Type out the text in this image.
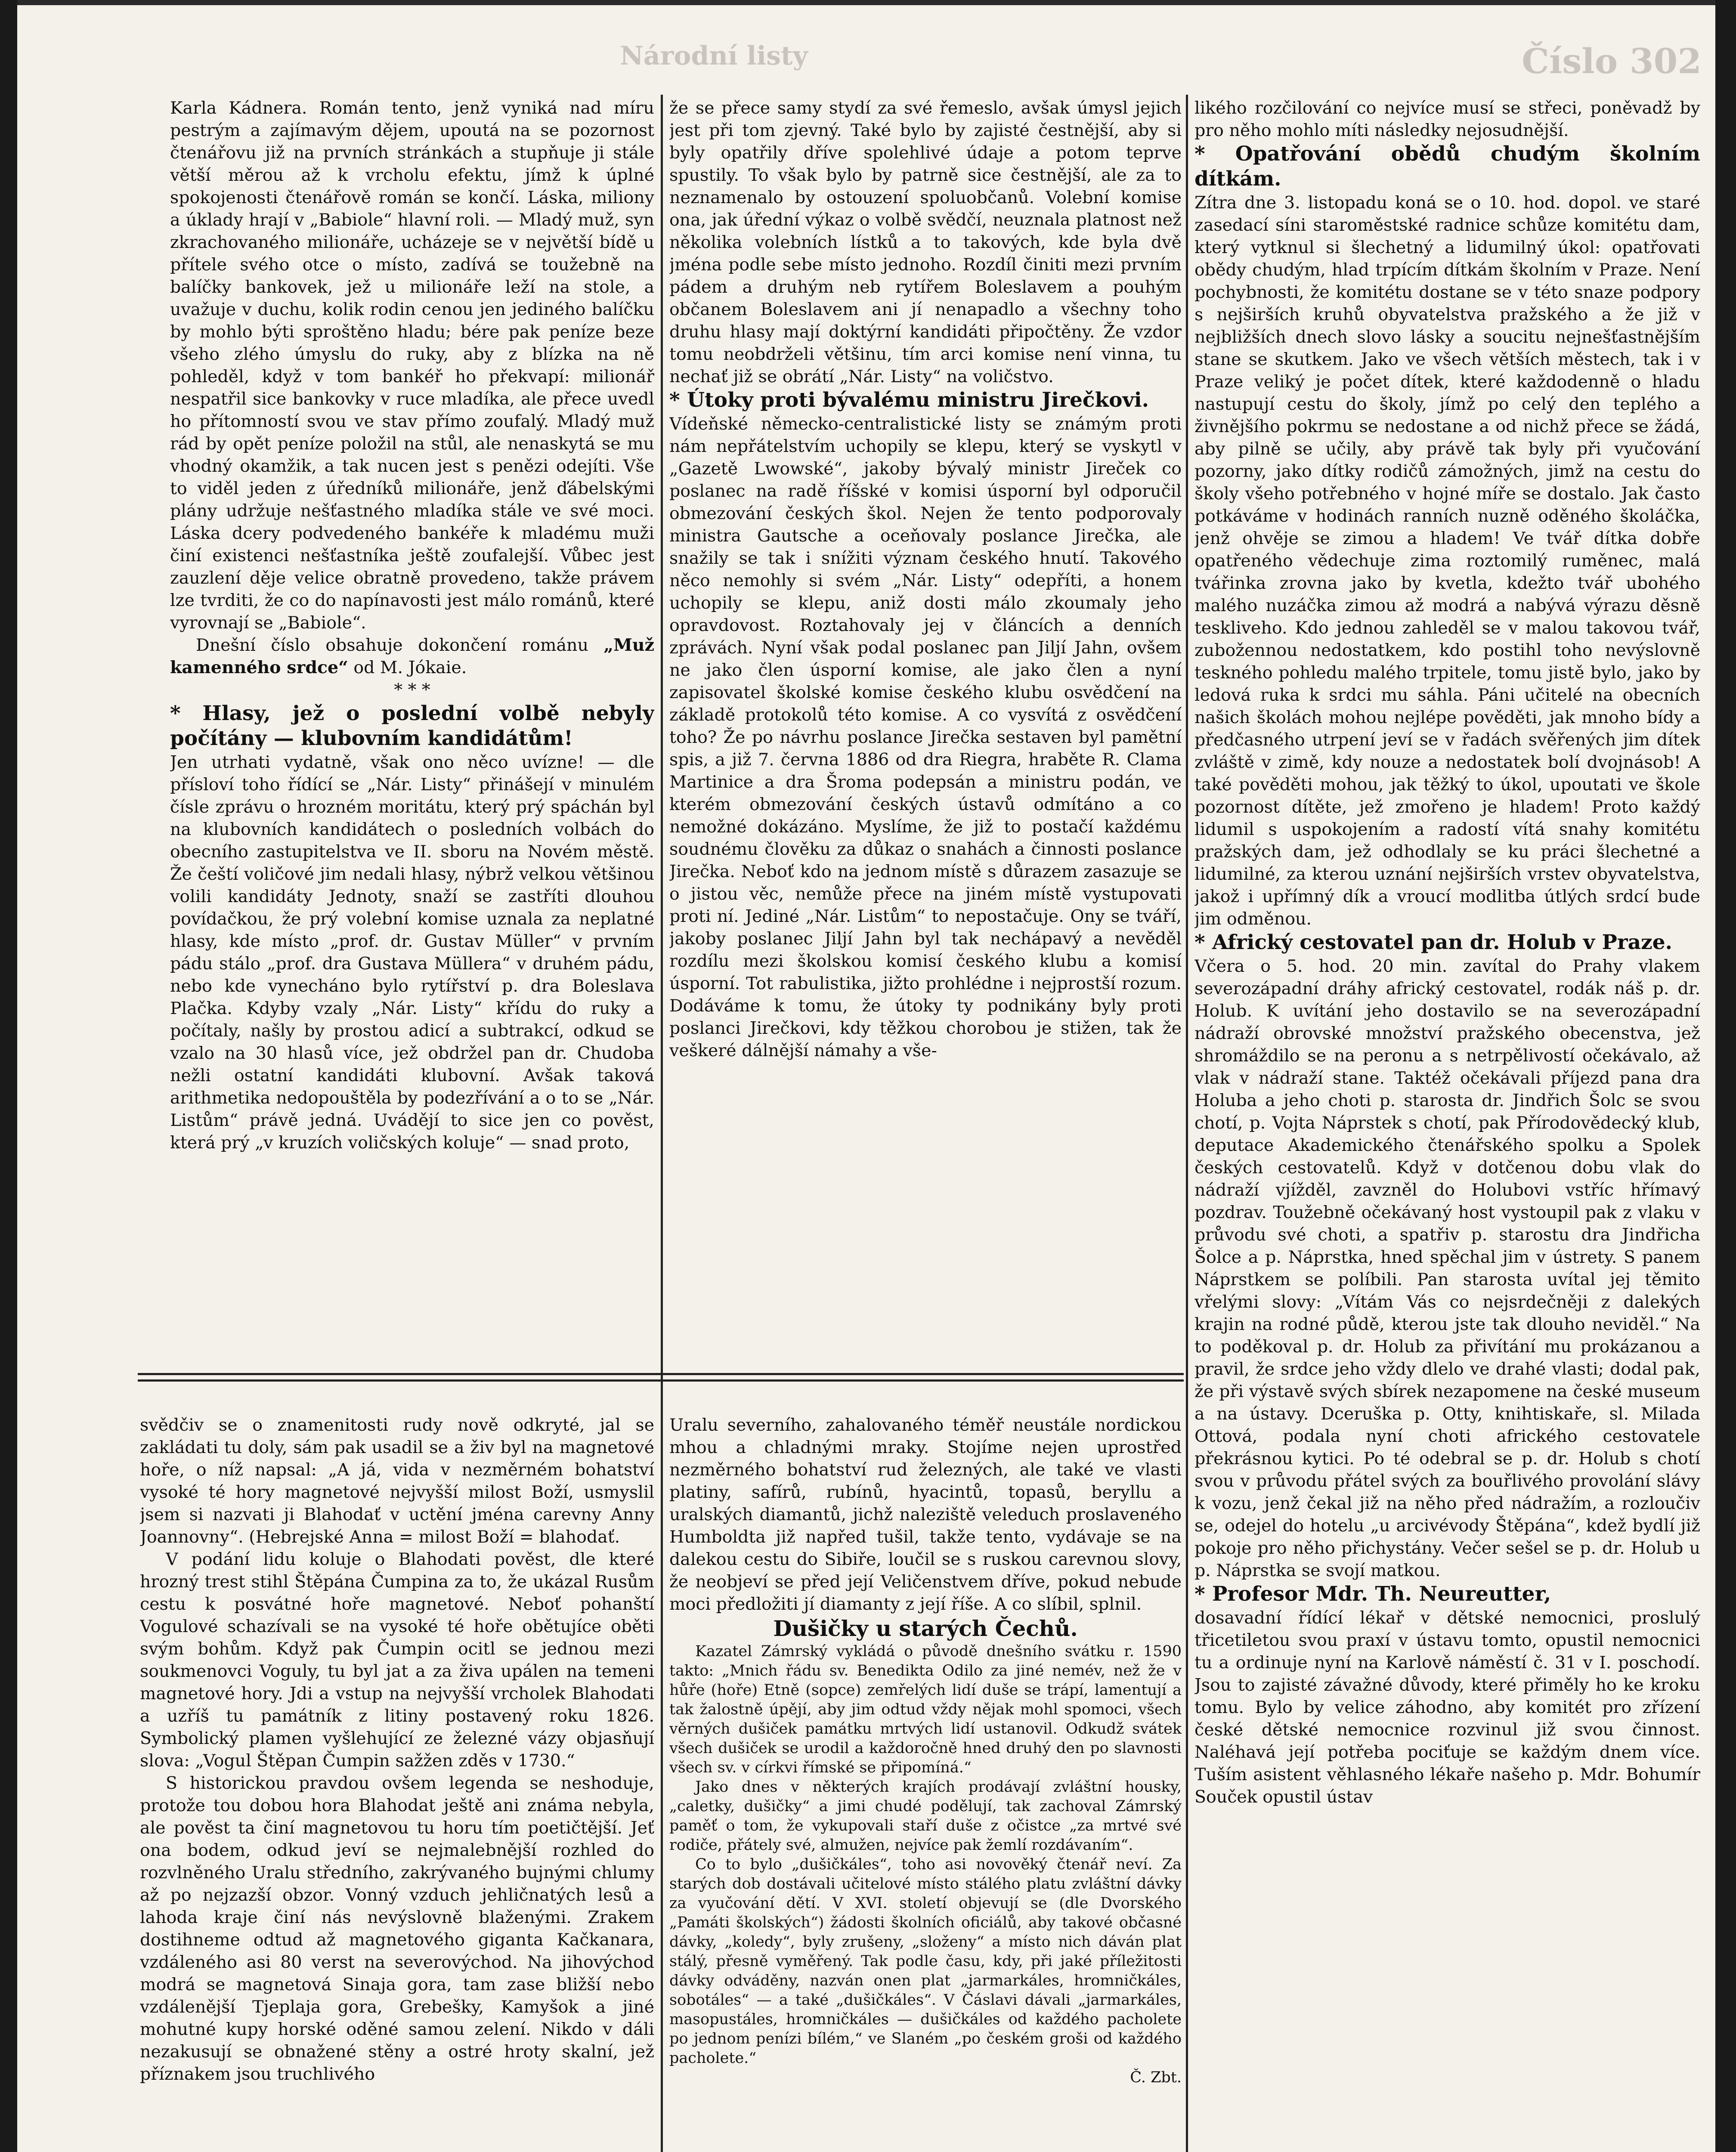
Číslo 302
Národní listy

Karla Kádnera. Román tento, jenž vyniká nad míru pestrým a zajímavým dějem, upoutá na se pozornost čtenářovu již na prvních stránkách a stupňuje ji stále větší měrou až k vrcholu efektu, jímž k úplné spokojenosti čtenářově román se končí. Láska, miliony a úklady hrají v „Babiole“ hlavní roli. — Mladý muž, syn zkrachovaného milionáře, ucházeje se v největší bídě u přítele svého otce o místo, zadívá se toužebně na balíčky bankovek, jež u milionáře leží na stole, a uvažuje v duchu, kolik rodin cenou jen jediného balíčku by mohlo býti sproštěno hladu; bére pak peníze beze všeho zlého úmyslu do ruky, aby z blízka na ně pohleděl, když v tom bankéř ho překvapí: milionář nespatřil sice bankovky v ruce mladíka, ale přece uvedl ho přítomností svou ve stav přímo zoufalý. Mladý muž rád by opět peníze položil na stůl, ale nenaskytá se mu vhodný okamžik, a tak nucen jest s penězi odejíti. Vše to viděl jeden z úředníků milionáře, jenž ďábelskými plány udržuje nešťastného mladíka stále ve své moci. Láska dcery podvedeného bankéře k mladému muži činí existenci nešťastníka ještě zoufalejší. Vůbec jest zauzlení děje velice obratně provedeno, takže právem lze tvrditi, že co do napínavosti jest málo románů, které vyrovnají se „Babiole“.

Dnešní číslo obsahuje dokončení románu „Muž kamenného srdce“ od M. Jókaie.

* * *

* Hlasy, jež o poslední volbě nebyly počítány — klubovním kandidátům!

Jen utrhati vydatně, však ono něco uvízne! — dle přísloví toho řídící se „Nár. Listy“ přinášejí v minulém čísle zprávu o hrozném moritátu, který prý spáchán byl na klubovních kandidátech o posledních volbách do obecního zastupitelstva ve II. sboru na Novém městě. Že čeští voličové jim nedali hlasy, nýbrž velkou většinou volili kandidáty Jednoty, snaží se zastříti dlouhou povídačkou, že prý volební komise uznala za neplatné hlasy, kde místo „prof. dr. Gustav Müller“ v prvním pádu stálo „prof. dra Gustava Müllera“ v druhém pádu, nebo kde vynecháno bylo rytířství p. dra Boleslava Plačka. Kdyby vzaly „Nár. Listy“ křídu do ruky a počítaly, našly by prostou adicí a subtrakcí, odkud se vzalo na 30 hlasů více, jež obdržel pan dr. Chudoba nežli ostatní kandidáti klubovní. Avšak taková arithmetika nedopouštěla by podezřívání a o to se „Nár. Listům“ právě jedná. Uvádějí to sice jen co pověst, která prý „v kruzích voličských koluje“ — snad proto,

že se přece samy stydí za své řemeslo, avšak úmysl jejich jest při tom zjevný. Také bylo by zajisté čestnější, aby si byly opatřily dříve spolehlivé údaje a potom teprve spustily. To však bylo by patrně sice čestnější, ale za to neznamenalo by ostouzení spoluobčanů. Volební komise ona, jak úřední výkaz o volbě svědčí, neuznala platnost než několika volebních lístků a to takových, kde byla dvě jména podle sebe místo jednoho. Rozdíl činiti mezi prvním pádem a druhým neb rytířem Boleslavem a pouhým občanem Boleslavem ani jí nenapadlo a všechny toho druhu hlasy mají doktýrní kandidáti připočtěny. Že vzdor tomu neobdrželi většinu, tím arci komise není vinna, tu nechať již se obrátí „Nár. Listy“ na voličstvo.

* Útoky proti bývalému ministru Jirečkovi.

Vídeňské německo-centralistické listy se známým proti nám nepřátelstvím uchopily se klepu, který se vyskytl v „Gazetě Lwowské“, jakoby bývalý ministr Jireček co poslanec na radě říšské v komisi úsporní byl odporučil obmezování českých škol. Nejen že tento podporovaly ministra Gautsche a oceňovaly poslance Jirečka, ale snažily se tak i snížiti význam českého hnutí. Takového něco nemohly si svém „Nár. Listy“ odepříti, a honem uchopily se klepu, aniž dosti málo zkoumaly jeho opravdovost. Roztahovaly jej v článcích a denních zprávách. Nyní však podal poslanec pan Jiljí Jahn, ovšem ne jako člen úsporní komise, ale jako člen a nyní zapisovatel školské komise českého klubu osvědčení na základě protokolů této komise. A co vysvítá z osvědčení toho? Že po návrhu poslance Jirečka sestaven byl pamětní spis, a již 7. června 1886 od dra Riegra, hraběte R. Clama Martinice a dra Šroma podepsán a ministru podán, ve kterém obmezování českých ústavů odmítáno a co nemožné dokázáno. Myslíme, že již to postačí každému soudnému člověku za důkaz o snahách a činnosti poslance Jirečka. Neboť kdo na jednom místě s důrazem zasazuje se o jistou věc, nemůže přece na jiném místě vystupovati proti ní. Jediné „Nár. Listům“ to nepostačuje. Ony se tváří, jakoby poslanec Jiljí Jahn byl tak nechápavý a nevěděl rozdílu mezi školskou komisí českého klubu a komisí úsporní. Tot rabulistika, jižto prohlédne i nejprostší rozum. Dodáváme k tomu, že útoky ty podnikány byly proti poslanci Jirečkovi, kdy těžkou chorobou je stižen, tak že veškeré dálnější námahy a vše-

likého rozčilování co nejvíce musí se střeci, poněvadž by pro něho mohlo míti následky nejosudnější.

* Opatřování obědů chudým školním dítkám.

Zítra dne 3. listopadu koná se o 10. hod. dopol. ve staré zasedací síni staroměstské radnice schůze komitétu dam, který vytknul si šlechetný a lidumilný úkol: opatřovati obědy chudým, hlad trpícím dítkám školním v Praze. Není pochybnosti, že komitétu dostane se v této snaze podpory s nejširších kruhů obyvatelstva pražského a že již v nejbližších dnech slovo lásky a soucitu nejnešťastnějším stane se skutkem. Jako ve všech větších městech, tak i v Praze veliký je počet dítek, které každodenně o hladu nastupují cestu do školy, jímž po celý den teplého a živnějšího pokrmu se nedostane a od nichž přece se žádá, aby pilně se učily, aby právě tak byly při vyučování pozorny, jako dítky rodičů zámožných, jimž na cestu do školy všeho potřebného v hojné míře se dostalo. Jak často potkáváme v hodinách ranních nuzně oděného školáčka, jenž ohvěje se zimou a hladem! Ve tvář dítka dobře opatřeného vědechuje zima roztomilý ruměnec, malá tvářinka zrovna jako by kvetla, kdežto tvář ubohého malého nuzáčka zimou až modrá a nabývá výrazu děsně teskliveho. Kdo jednou zahleděl se v malou takovou tvář, zubožennou nedostatkem, kdo postihl toho nevýslovně teskného pohledu malého trpitele, tomu jistě bylo, jako by ledová ruka k srdci mu sáhla. Páni učitelé na obecních našich školách mohou nejlépe pověděti, jak mnoho bídy a předčasného utrpení jeví se v řadách svěřených jim dítek zvláště v zimě, kdy nouze a nedostatek bolí dvojnásob! A také pověděti mohou, jak těžký to úkol, upoutati ve škole pozornost dítěte, jež zmořeno je hladem! Proto každý lidumil s uspokojením a radostí vítá snahy komitétu pražských dam, jež odhodlaly se ku práci šlechetné a lidumilné, za kterou uznání nejširších vrstev obyvatelstva, jakož i upřímný dík a vroucí modlitba útlých srdcí bude jim odměnou.

* Africký cestovatel pan dr. Holub v Praze.

Včera o 5. hod. 20 min. zavítal do Prahy vlakem severozápadní dráhy africký cestovatel, rodák náš p. dr. Holub. K uvítání jeho dostavilo se na severozápadní nádraží obrovské množství pražského obecenstva, jež shromáždilo se na peronu a s netrpělivostí očekávalo, až vlak v nádraží stane. Taktéž očekávali příjezd pana dra Holuba a jeho choti p. starosta dr. Jindřich Šolc se svou chotí, p. Vojta Náprstek s chotí, pak Přírodovědecký klub, deputace Akademického čtenářského spolku a Spolek českých cestovatelů. Když v dotčenou dobu vlak do nádraží vjížděl, zavzněl do Holubovi vstříc hřímavý pozdrav. Toužebně očekávaný host vystoupil pak z vlaku v průvodu své choti, a spatřiv p. starostu dra Jindřicha Šolce a p. Náprstka, hned spěchal jim v ústrety. S panem Náprstkem se políbili. Pan starosta uvítal jej těmito vřelými slovy: „Vítám Vás co nejsrdečněji z dalekých krajin na rodné půdě, kterou jste tak dlouho neviděl.“ Na to poděkoval p. dr. Holub za přivítání mu prokázanou a pravil, že srdce jeho vždy dlelo ve drahé vlasti; dodal pak, že při výstavě svých sbírek nezapomene na české museum a na ústavy. Dceruška p. Otty, knihtiskaře, sl. Milada Ottová, podala nyní choti afrického cestovatele překrásnou kytici. Po té odebral se p. dr. Holub s chotí svou v průvodu přátel svých za bouřlivého provolání slávy k vozu, jenž čekal již na něho před nádražím, a rozloučiv se, odejel do hotelu „u arcivévody Štěpána“, kdež bydlí již pokoje pro něho přichystány. Večer sešel se p. dr. Holub u p. Náprstka se svojí matkou.

* Profesor Mdr. Th. Neureutter,

dosavadní řídící lékař v dětské nemocnici, proslulý třicetiletou svou praxí v ústavu tomto, opustil nemocnici tu a ordinuje nyní na Karlově náměstí č. 31 v I. poschodí. Jsou to zajisté závažné důvody, které přiměly ho ke kroku tomu. Bylo by velice záhodno, aby komitét pro zřízení české dětské nemocnice rozvinul již svou činnost. Naléhavá její potřeba pociťuje se každým dnem více. Tuším asistent věhlasného lékaře našeho p. Mdr. Bohumír Souček opustil ústav

svědčiv se o znamenitosti rudy nově odkryté, jal se zakládati tu doly, sám pak usadil se a živ byl na magnetové hoře, o níž napsal: „A já, vida v nezměrném bohatství vysoké té hory magnetové nejvyšší milost Boží, usmyslil jsem si nazvati ji Blahodať v uctění jména carevny Anny Joannovny“. (Hebrejské Anna = milost Boží = blahodať.

V podání lidu koluje o Blahodati pověst, dle které hrozný trest stihl Štěpána Čumpina za to, že ukázal Rusům cestu k posvátné hoře magnetové. Neboť pohanští Vogulové schazívali se na vysoké té hoře obětujíce oběti svým bohům. Když pak Čumpin ocitl se jednou mezi soukmenovci Voguly, tu byl jat a za živa upálen na temeni magnetové hory. Jdi a vstup na nejvyšší vrcholek Blahodati a uzříš tu památník z litiny postavený roku 1826. Symbolický plamen vyšlehující ze železné vázy objasňují slova: „Vogul Štěpan Čumpin sažžen zděs v 1730.“

S historickou pravdou ovšem legenda se neshoduje, protože tou dobou hora Blahodat ještě ani známa nebyla, ale pověst ta činí magnetovou tu horu tím poetičtější. Jeť ona bodem, odkud jeví se nejmalebnější rozhled do rozvlněného Uralu středního, zakrývaného bujnými chlumy až po nejzazší obzor. Vonný vzduch jehličnatých lesů a lahoda kraje činí nás nevýslovně blaženými. Zrakem dostihneme odtud až magnetového giganta Kačkanara, vzdáleného asi 80 verst na severovýchod. Na jihovýchod modrá se magnetová Sinaja gora, tam zase bližší nebo vzdálenější Tjeplaja gora, Grebešky, Kamyšok a jiné mohutné kupy horské oděné samou zelení. Nikdo v dáli nezakusují se obnažené stěny a ostré hroty skalní, jež příznakem jsou truchlivého

Uralu severního, zahalovaného téměř neustále nordickou mhou a chladnými mraky. Stojíme nejen uprostřed nezměrného bohatství rud železných, ale také ve vlasti platiny, safírů, rubínů, hyacintů, topasů, beryllu a uralských diamantů, jichž naleziště veleduch proslaveného Humboldta již napřed tušil, takže tento, vydávaje se na dalekou cestu do Sibiře, loučil se s ruskou carevnou slovy, že neobjeví se před její Veličenstvem dříve, pokud nebude moci předložiti jí diamanty z její říše. A co slíbil, splnil.

Dušičky u starých Čechů.

Kazatel Zámrský vykládá o původě dnešního svátku r. 1590 takto: „Mnich řádu sv. Benedikta Odilo za jiné nemév, než že v hůře (hoře) Etně (sopce) zemřelých lidí duše se trápí, lamentují a tak žalostně úpějí, aby jim odtud vždy nějak mohl spomoci, všech věrných dušiček památku mrtvých lidí ustanovil. Odkudž svátek všech dušiček se urodil a každoročně hned druhý den po slavnosti všech sv. v církvi římské se připomíná.“

Jako dnes v některých krajích prodávají zvláštní housky, „caletky, dušičky“ a jimi chudé podělují, tak zachoval Zámrský paměť o tom, že vykupovali staří duše z očistce „za mrtvé své rodiče, přátely své, almužen, nejvíce pak žemlí rozdávaním“.

Co to bylo „dušičkáles“, toho asi novověký čtenář neví. Za starých dob dostávali učitelové místo stálého platu zvláštní dávky za vyučování dětí. V XVI. století objevují se (dle Dvorského „Památi školských“) žádosti školních oficiálů, aby takové občasné dávky, „koledy“, byly zrušeny, „složeny“ a místo nich dáván plat stálý, přesně vyměřený. Tak podle času, kdy, při jaké příležitosti dávky odváděny, nazván onen plat „jarmarkáles, hromničkáles, sobotáles“ — a také „dušičkáles“. V Čáslavi dávali „jarmarkáles, masopustáles, hromničkáles — dušičkáles od každého pacholete po jednom penízi bílém,“ ve Slaném „po českém groši od každého pacholete.“

Č. Zbt.
